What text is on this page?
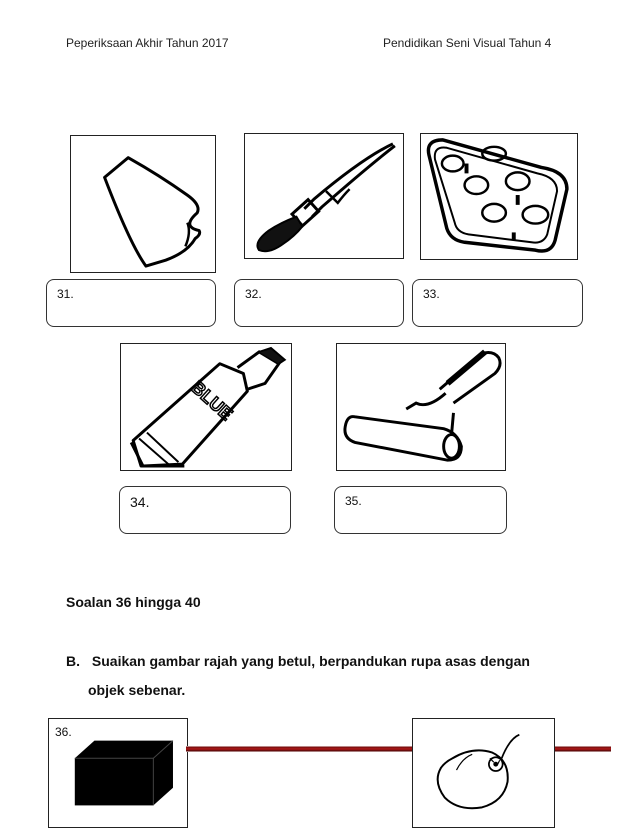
Peperiksaan Akhir Tahun 2017	Pendidikan Seni Visual Tahun 4
31.	32.	33.
BLUE
34.	35.
Soalan 36 hingga 40
B. Suaikan gambar rajah yang betul, berpandukan rupa asas dengan
objek sebenar.
36.
